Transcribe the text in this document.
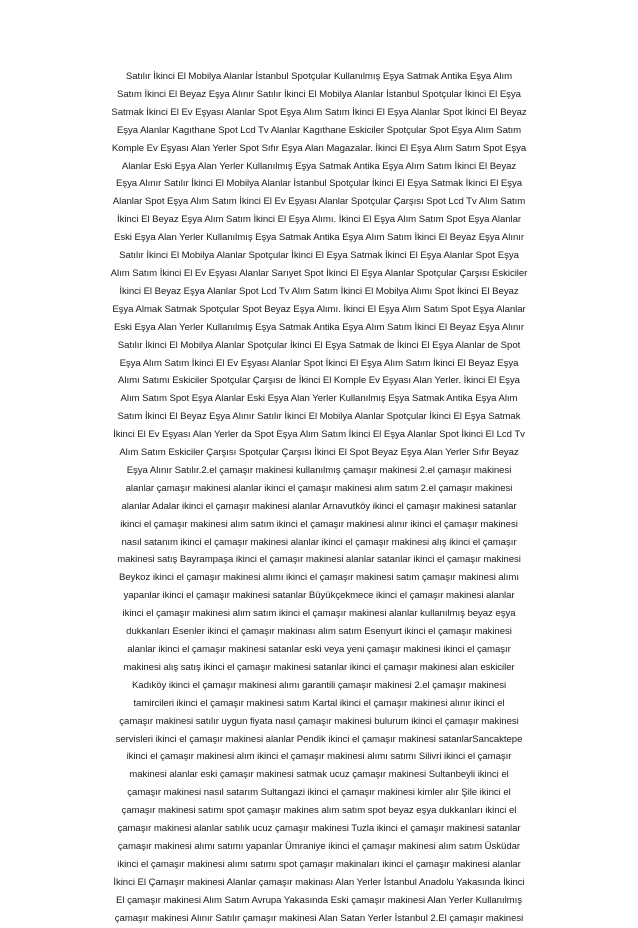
Satılır İkinci El Mobilya Alanlar İstanbul Spotçular Kullanılmış Eşya Satmak Antika Eşya Alım
Satım İkinci El Beyaz Eşya Alınır Satılır İkinci El Mobilya Alanlar İstanbul Spotçular İkinci El Eşya
Satmak İkinci El Ev Eşyası Alanlar Spot Eşya Alım Satım İkinci El Eşya Alanlar Spot İkinci El Beyaz
Eşya Alanlar Kagıthane Spot Lcd Tv Alanlar Kagıthane Eskiciler Spotçular Spot Eşya Alım Satım
Komple Ev Eşyası Alan Yerler Spot Sıfır Eşya Alan Magazalar. İkinci El Eşya Alım Satım Spot Eşya
Alanlar Eski Eşya Alan Yerler Kullanılmış Eşya Satmak Antika Eşya Alım Satım İkinci El Beyaz
Eşya Alınır Satılır İkinci El Mobilya Alanlar İstanbul Spotçular İkinci El Eşya Satmak İkinci El Eşya
Alanlar Spot Eşya Alım Satım İkinci El Ev Eşyası Alanlar Spotçular Çarşısı Spot Lcd Tv Alım Satım
İkinci El Beyaz Eşya Alım Satım İkinci El Eşya Alımı. İkinci El Eşya Alım Satım Spot Eşya Alanlar
Eski Eşya Alan Yerler Kullanılmış Eşya Satmak Antika Eşya Alım Satım İkinci El Beyaz Eşya Alınır
Satılır İkinci El Mobilya Alanlar Spotçular İkinci El Eşya Satmak İkinci El Eşya Alanlar Spot Eşya
Alım Satım İkinci El Ev Eşyası Alanlar Sarıyet Spot İkinci El Eşya Alanlar Spotçular Çarşısı Eskiciler
İkinci El Beyaz Eşya Alanlar Spot Lcd Tv Alım Satım İkinci El Mobilya Alımı Spot İkinci El Beyaz
Eşya Almak Satmak Spotçular Spot Beyaz Eşya Alımı. İkinci El Eşya Alım Satım Spot Eşya Alanlar
Eski Eşya Alan Yerler Kullanılmış Eşya Satmak Antika Eşya Alım Satım İkinci El Beyaz Eşya Alınır
Satılır İkinci El Mobilya Alanlar Spotçular İkinci El Eşya Satmak de İkinci El Eşya Alanlar de Spot
Eşya Alım Satım İkinci El Ev Eşyası Alanlar Spot İkinci El Eşya Alım Satım İkinci El Beyaz Eşya
Alımı Satımı Eskiciler Spotçular Çarşısı de İkinci El Komple Ev Eşyası Alan Yerler. İkinci El Eşya
Alım Satım Spot Eşya Alanlar Eski Eşya Alan Yerler Kullanılmış Eşya Satmak Antika Eşya Alım
Satım İkinci El Beyaz Eşya Alınır Satılır İkinci El Mobilya Alanlar Spotçular İkinci El Eşya Satmak
İkinci El Ev Eşyası Alan Yerler da Spot Eşya Alım Satım İkinci El Eşya Alanlar Spot İkinci El Lcd Tv
Alım Satım Eskiciler Çarşısı Spotçular Çarşısı İkinci El Spot Beyaz Eşya Alan Yerler Sıfır Beyaz
Eşya Alınır Satılır.2.el çamaşır makinesi kullanılmış çamaşır makinesi 2.el çamaşır makinesi
alanlar çamaşır makinesi alanlar ikinci el çamaşır makinesi alım satım 2.el çamaşır makinesi
alanlar Adalar ikinci el çamaşır makinesi alanlar Arnavutköy ikinci el çamaşır makinesi satanlar
ikinci el çamaşır makinesi alım satım ikinci el çamaşır makinesi alınır ikinci el çamaşır makinesi
nasıl satanım ikinci el çamaşır makinesi alanlar ikinci el çamaşır makinesi alış ikinci el çamaşır
makinesi satış Bayrampaşa ikinci el çamaşır makinesi alanlar satanlar ikinci el çamaşır makinesi
Beykoz ikinci el çamaşır makinesi alımı ikinci el çamaşır makinesi satım çamaşır makinesi alımı
yapanlar ikinci el çamaşır makinesi satanlar Büyükçekmece ikinci el çamaşır makinesi alanlar
ikinci el çamaşır makinesi alım satım ikinci el çamaşır makinesi alanlar kullanılmış beyaz eşya
dukkanları Esenler ikinci el çamaşır makinası alım satım Esenyurt ikinci el çamaşır makinesi
alanlar ikinci el çamaşır makinesi satanlar eski veya yeni çamaşır makinesi ikinci el çamaşır
makinesi alış satış ikinci el çamaşır makinesi satanlar ikinci el çamaşır makinesi alan eskiciler
Kadıköy ikinci el çamaşır makinesi alımı garantili çamaşır makinesi 2.el çamaşır makinesi
tamircileri ikinci el çamaşır makinesi satım Kartal ikinci el çamaşır makinesi alınır ikinci el
çamaşır makinesi satılır uygun fiyata nasıl çamaşır makinesi bulurum ikinci el çamaşır makinesi
servisleri ikinci el çamaşır makinesi alanlar Pendik ikinci el çamaşır makinesi satanlarSancaktepe
ikinci el çamaşır makinesi alım ikinci el çamaşır makinesi alımı satımı Silivri ikinci el çamaşır
makinesi alanlar eski çamaşır makinesi satmak ucuz çamaşır makinesi Sultanbeyli ikinci el
çamaşır makinesi nasıl satarım Sultangazi ikinci el çamaşır makinesi kimler alır Şile ikinci el
çamaşır makinesi satımı spot çamaşır makines alım satım spot beyaz eşya dukkanları ikinci el
çamaşır makinesi alanlar satılık ucuz çamaşır makinesi Tuzla ikinci el çamaşır makinesi satanlar
çamaşır makinesi alımı satımı yapanlar Ümraniye ikinci el çamaşır makinesi alım satım Üsküdar
ikinci el çamaşır makinesi alımı satımı spot çamaşır makinaları ikinci el çamaşır makinesi alanlar
İkinci El Çamaşır makinesi Alanlar çamaşır makinası Alan Yerler İstanbul Anadolu Yakasında İkinci
El çamaşır makinesi Alım Satım Avrupa Yakasında Eski çamaşır makinesi Alan Yerler Kullanılmış
çamaşır makinesi Alınır Satılır çamaşır makinesi Alan Satan Yerler İstanbul 2.El çamaşır makinesi
